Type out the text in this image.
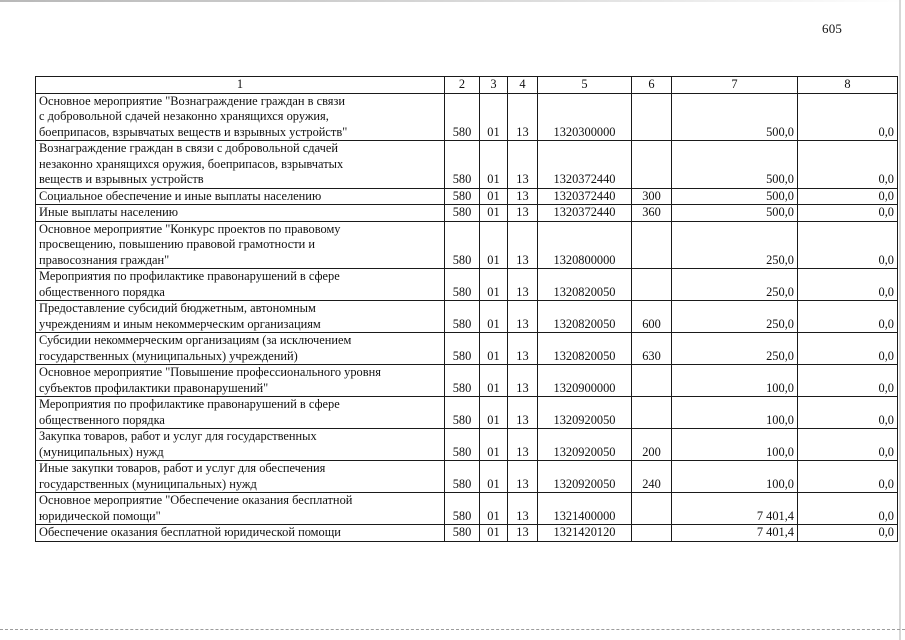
605
1	2	3	4	5	6	7	8

Основное мероприятие "Вознаграждение граждан в связи
с добровольной сдачей незаконно хранящихся оружия,
боеприпасов, взрывчатых веществ и взрывных устройств"	580	01	13	1320300000		500,0	0,0

Вознаграждение граждан в связи с добровольной сдачей
незаконно хранящихся оружия, боеприпасов, взрывчатых
веществ и взрывных устройств	580	01	13	1320372440		500,0	0,0

Социальное обеспечение и иные выплаты населению	580	01	13	1320372440	300	500,0	0,0

Иные выплаты населению	580	01	13	1320372440	360	500,0	0,0

Основное мероприятие "Конкурс проектов по правовому
просвещению, повышению правовой грамотности и
правосознания граждан"	580	01	13	1320800000		250,0	0,0

Мероприятия по профилактике правонарушений в сфере
общественного порядка	580	01	13	1320820050		250,0	0,0

Предоставление субсидий бюджетным, автономным
учреждениям и иным некоммерческим организациям	580	01	13	1320820050	600	250,0	0,0

Субсидии некоммерческим организациям (за исключением
государственных (муниципальных) учреждений)	580	01	13	1320820050	630	250,0	0,0

Основное мероприятие "Повышение профессионального уровня
субъектов профилактики правонарушений"	580	01	13	1320900000		100,0	0,0

Мероприятия по профилактике правонарушений в сфере
общественного порядка	580	01	13	1320920050		100,0	0,0

Закупка товаров, работ и услуг для государственных
(муниципальных) нужд	580	01	13	1320920050	200	100,0	0,0

Иные закупки товаров, работ и услуг для обеспечения
государственных (муниципальных) нужд	580	01	13	1320920050	240	100,0	0,0

Основное мероприятие "Обеспечение оказания бесплатной
юридической помощи"	580	01	13	1321400000		7 401,4	0,0

Обеспечение оказания бесплатной юридической помощи	580	01	13	1321420120		7 401,4	0,0
